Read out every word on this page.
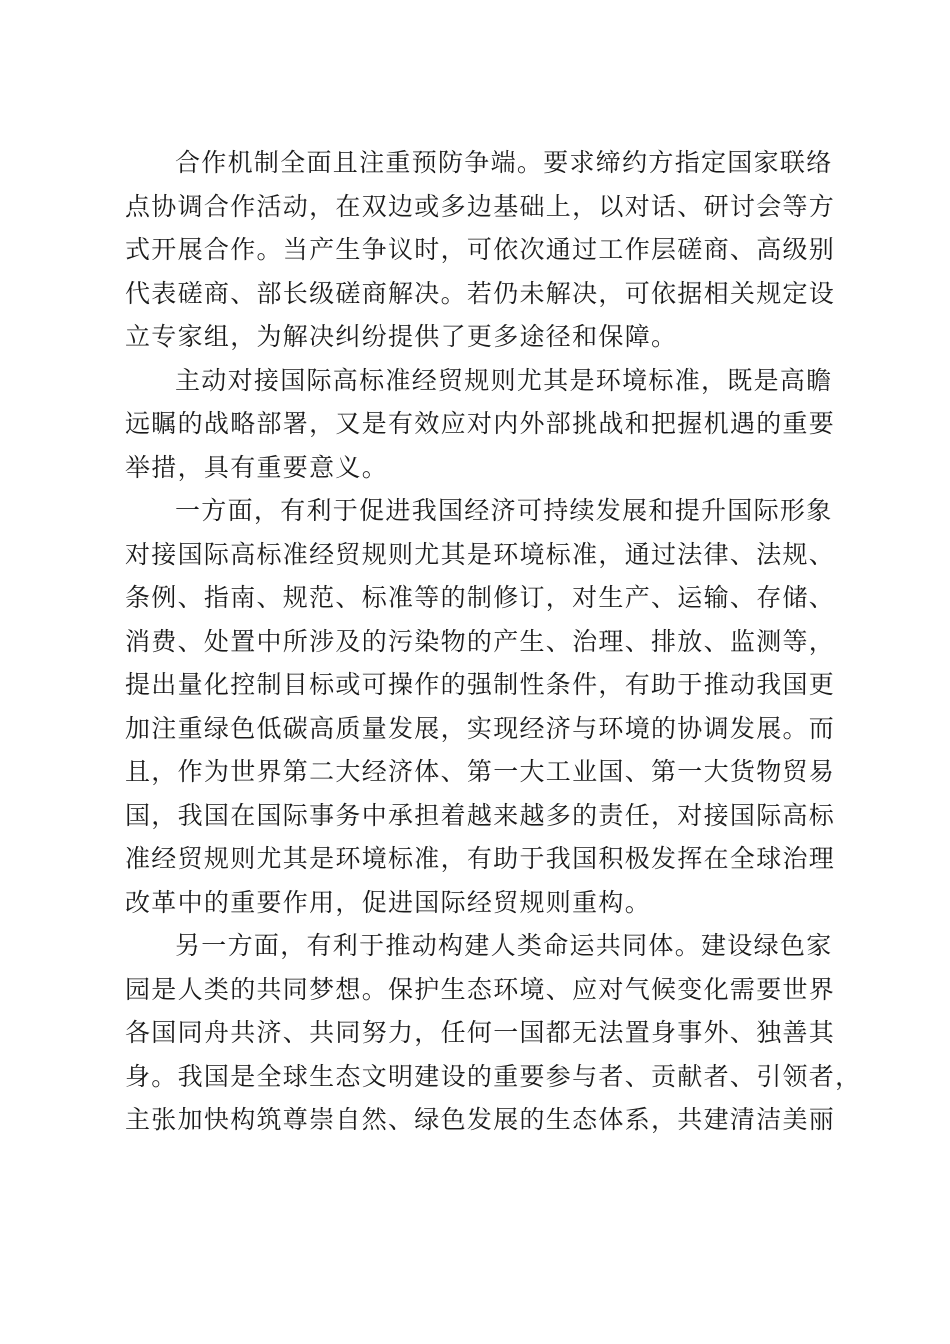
合作机制全面且注重预防争端。要求缔约方指定国家联络
点协调合作活动，在双边或多边基础上，以对话、研讨会等方
式开展合作。当产生争议时，可依次通过工作层磋商、高级别
代表磋商、部长级磋商解决。若仍未解决，可依据相关规定设
立专家组，为解决纠纷提供了更多途径和保障。
主动对接国际高标准经贸规则尤其是环境标准，既是高瞻
远瞩的战略部署，又是有效应对内外部挑战和把握机遇的重要
举措，具有重要意义。
一方面，有利于促进我国经济可持续发展和提升国际形象
对接国际高标准经贸规则尤其是环境标准，通过法律、法规、
条例、指南、规范、标准等的制修订，对生产、运输、存储、
消费、处置中所涉及的污染物的产生、治理、排放、监测等，
提出量化控制目标或可操作的强制性条件，有助于推动我国更
加注重绿色低碳高质量发展，实现经济与环境的协调发展。而
且，作为世界第二大经济体、第一大工业国、第一大货物贸易
国，我国在国际事务中承担着越来越多的责任，对接国际高标
准经贸规则尤其是环境标准，有助于我国积极发挥在全球治理
改革中的重要作用，促进国际经贸规则重构。
另一方面，有利于推动构建人类命运共同体。建设绿色家
园是人类的共同梦想。保护生态环境、应对气候变化需要世界
各国同舟共济、共同努力，任何一国都无法置身事外、独善其
身。我国是全球生态文明建设的重要参与者、贡献者、引领者，
主张加快构筑尊崇自然、绿色发展的生态体系，共建清洁美丽
